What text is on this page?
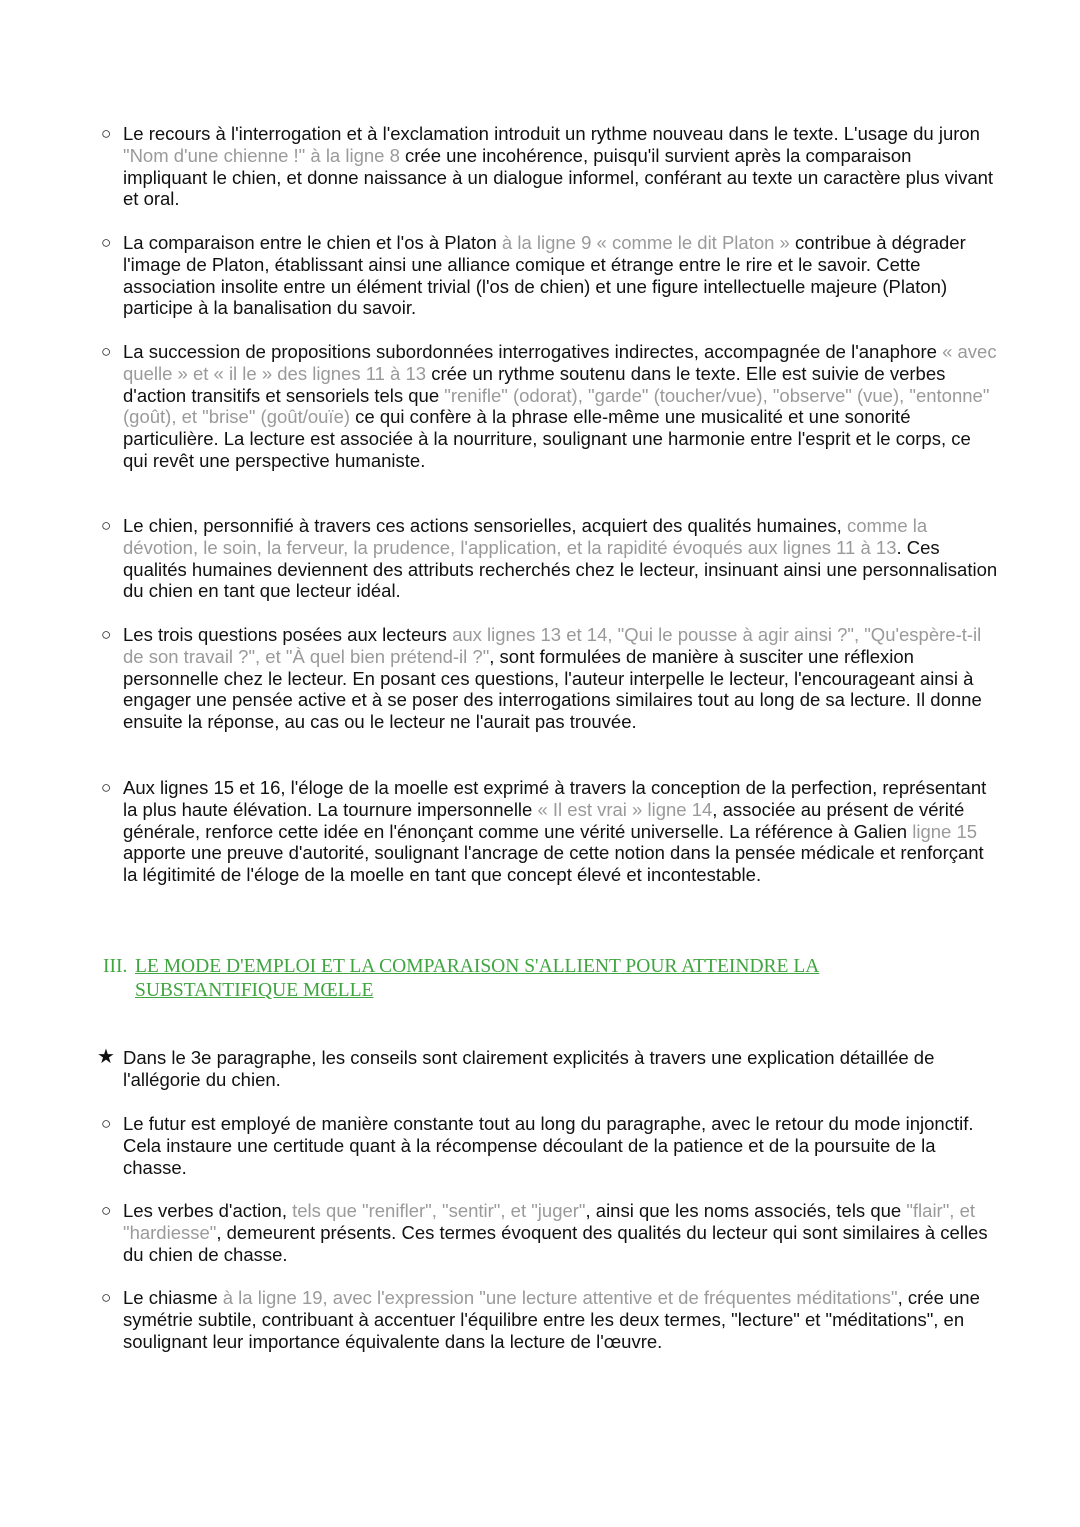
○ Le recours à l'interrogation et à l'exclamation introduit un rythme nouveau dans le texte. L'usage du juron "Nom d'une chienne !" à la ligne 8 crée une incohérence, puisqu'il survient après la comparaison impliquant le chien, et donne naissance à un dialogue informel, conférant au texte un caractère plus vivant et oral.
○ La comparaison entre le chien et l'os à Platon à la ligne 9 « comme le dit Platon » contribue à dégrader l'image de Platon, établissant ainsi une alliance comique et étrange entre le rire et le savoir. Cette association insolite entre un élément trivial (l'os de chien) et une figure intellectuelle majeure (Platon) participe à la banalisation du savoir.
○ La succession de propositions subordonnées interrogatives indirectes, accompagnée de l'anaphore « avec quelle » et « il le » des lignes 11 à 13 crée un rythme soutenu dans le texte. Elle est suivie de verbes d'action transitifs et sensoriels tels que "renifle" (odorat), "garde" (toucher/vue), "observe" (vue), "entonne" (goût), et "brise" (goût/ouïe) ce qui confère à la phrase elle-même une musicalité et une sonorité particulière. La lecture est associée à la nourriture, soulignant une harmonie entre l'esprit et le corps, ce qui revêt une perspective humaniste.
○ Le chien, personnifié à travers ces actions sensorielles, acquiert des qualités humaines, comme la dévotion, le soin, la ferveur, la prudence, l'application, et la rapidité évoqués aux lignes 11 à 13. Ces qualités humaines deviennent des attributs recherchés chez le lecteur, insinuant ainsi une personnalisation du chien en tant que lecteur idéal.
○ Les trois questions posées aux lecteurs aux lignes 13 et 14, "Qui le pousse à agir ainsi ?", "Qu'espère-t-il de son travail ?", et "À quel bien prétend-il ?", sont formulées de manière à susciter une réflexion personnelle chez le lecteur. En posant ces questions, l'auteur interpelle le lecteur, l'encourageant ainsi à engager une pensée active et à se poser des interrogations similaires tout au long de sa lecture. Il donne ensuite la réponse, au cas ou le lecteur ne l'aurait pas trouvée.
○ Aux lignes 15 et 16, l'éloge de la moelle est exprimé à travers la conception de la perfection, représentant la plus haute élévation. La tournure impersonnelle « Il est vrai » ligne 14, associée au présent de vérité générale, renforce cette idée en l'énonçant comme une vérité universelle. La référence à Galien ligne 15 apporte une preuve d'autorité, soulignant l'ancrage de cette notion dans la pensée médicale et renforçant la légitimité de l'éloge de la moelle en tant que concept élevé et incontestable.
III. LE MODE D'EMPLOI ET LA COMPARAISON S'ALLIENT POUR ATTEINDRE LA SUBSTANTIFIQUE MŒLLE
★ Dans le 3e paragraphe, les conseils sont clairement explicités à travers une explication détaillée de l'allégorie du chien.
○ Le futur est employé de manière constante tout au long du paragraphe, avec le retour du mode injonctif. Cela instaure une certitude quant à la récompense découlant de la patience et de la poursuite de la chasse.
○ Les verbes d'action, tels que "renifler", "sentir", et "juger", ainsi que les noms associés, tels que "flair", et "hardiesse", demeurent présents. Ces termes évoquent des qualités du lecteur qui sont similaires à celles du chien de chasse.
○ Le chiasme à la ligne 19, avec l'expression "une lecture attentive et de fréquentes méditations", crée une symétrie subtile, contribuant à accentuer l'équilibre entre les deux termes, "lecture" et "méditations", en soulignant leur importance équivalente dans la lecture de l'œuvre.
